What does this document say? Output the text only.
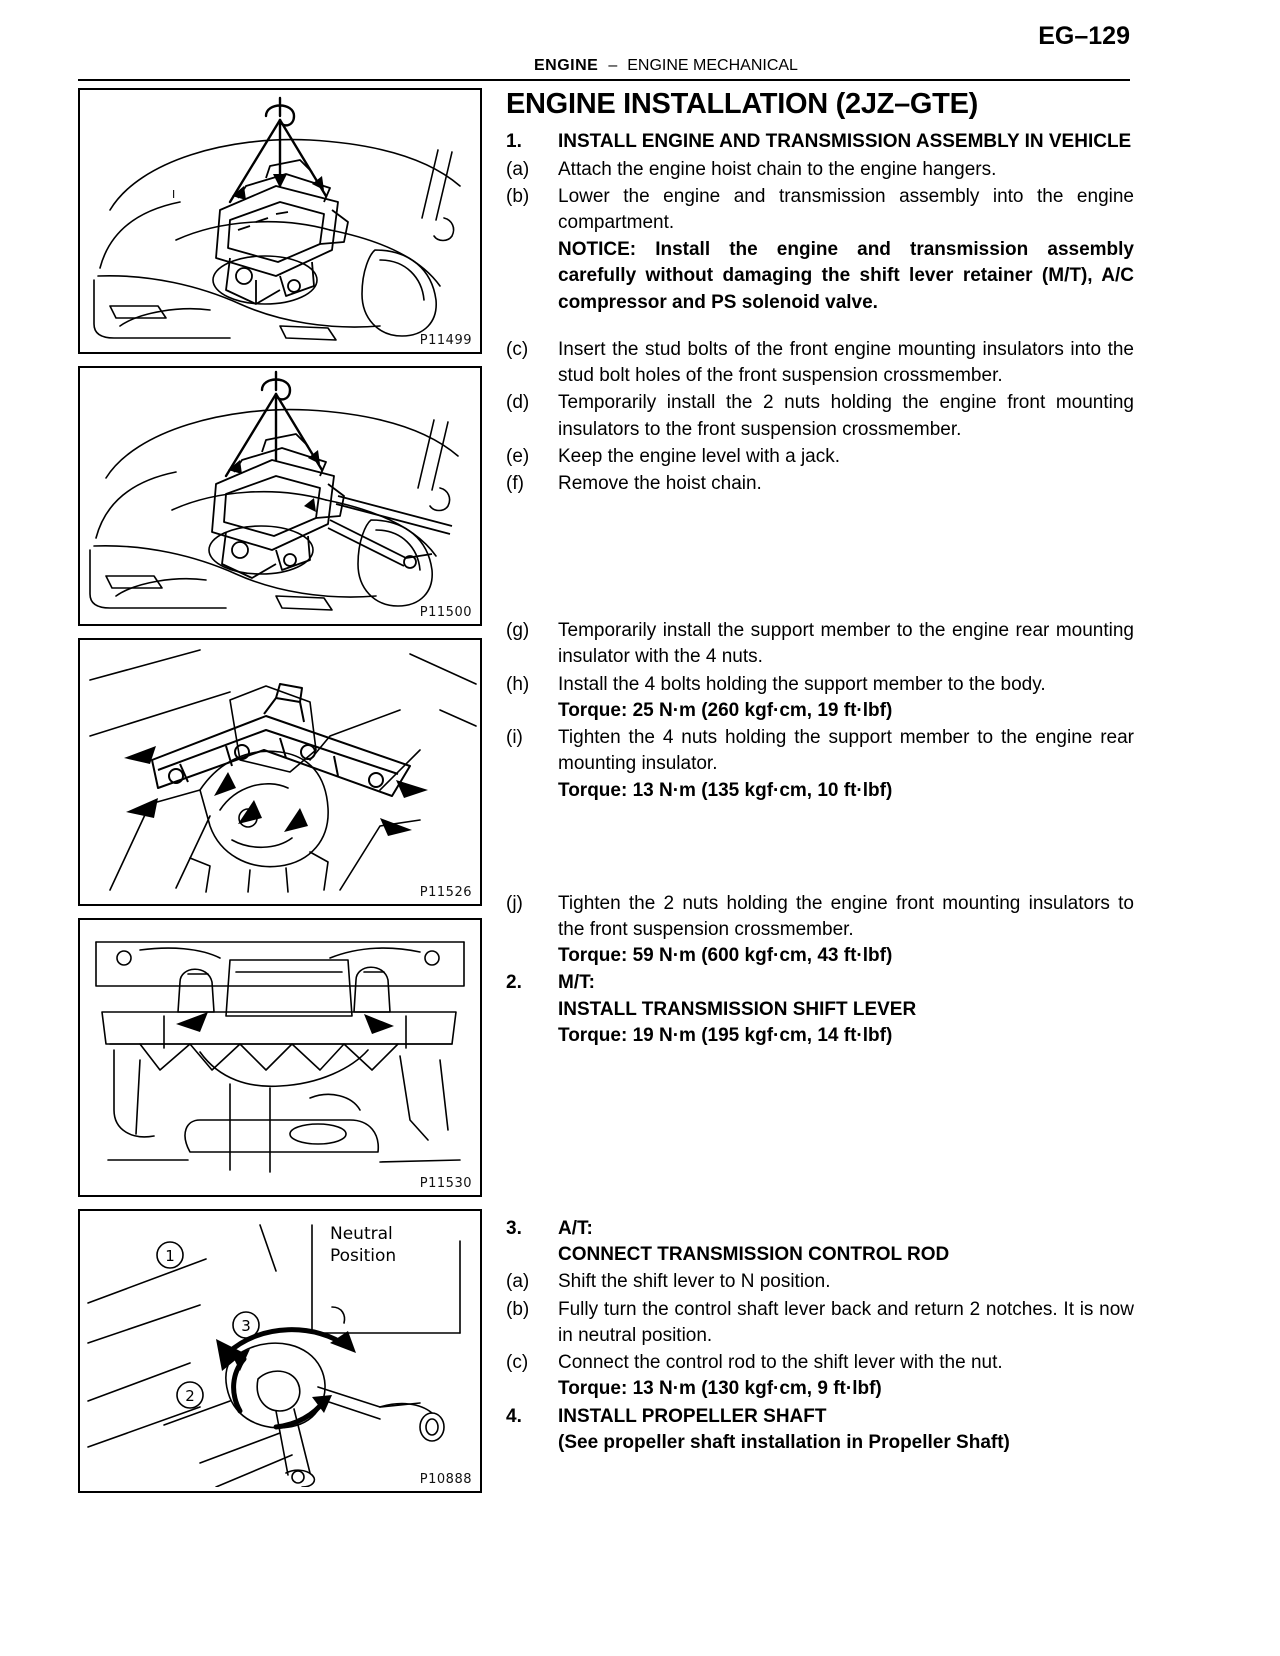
EG–129
ENGINE – ENGINE MECHANICAL
I
P11499
P11500
P11526
P11530
1
2
3
Neutral
Position
P10888
ENGINE INSTALLATION (2JZ–GTE)
1.	INSTALL ENGINE AND TRANSMISSION ASSEMBLY IN VEHICLE
(a)	Attach the engine hoist chain to the engine hangers.
(b)	Lower the engine and transmission assembly into the engine compartment.
NOTICE: Install the engine and transmission assembly carefully without damaging the shift lever retainer (M/T), A/C compressor and PS solenoid valve.
(c)	Insert the stud bolts of the front engine mounting insulators into the stud bolt holes of the front suspension crossmember.
(d)	Temporarily install the 2 nuts holding the engine front mounting insulators to the front suspension crossmember.
(e)	Keep the engine level with a jack.
(f)	Remove the hoist chain.
(g)	Temporarily install the support member to the engine rear mounting insulator with the 4 nuts.
(h)	Install the 4 bolts holding the support member to the body.
Torque: 25 N·m (260 kgf·cm, 19 ft·lbf)
(i)	Tighten the 4 nuts holding the support member to the engine rear mounting insulator.
Torque: 13 N·m (135 kgf·cm, 10 ft·lbf)
(j)	Tighten the 2 nuts holding the engine front mounting insulators to the front suspension crossmember.
Torque: 59 N·m (600 kgf·cm, 43 ft·lbf)
2.	M/T:
INSTALL TRANSMISSION SHIFT LEVER
Torque: 19 N·m (195 kgf·cm, 14 ft·lbf)
3.	A/T:
CONNECT TRANSMISSION CONTROL ROD
(a)	Shift the shift lever to N position.
(b)	Fully turn the control shaft lever back and return 2 notches. It is now in neutral position.
(c)	Connect the control rod to the shift lever with the nut.
Torque: 13 N·m (130 kgf·cm, 9 ft·lbf)
4.	INSTALL PROPELLER SHAFT
(See propeller shaft installation in Propeller Shaft)
